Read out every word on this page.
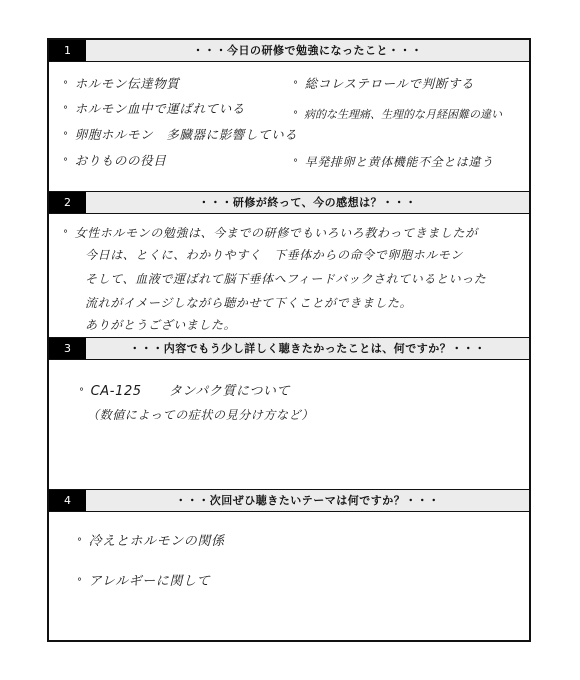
1	・・・今日の研修で勉強になったこと・・・
° ホルモン伝達物質
° ホルモン血中で運ばれている
° 卵胞ホルモン　多臓器に影響している
° おりものの役目
° 総コレステロールで判断する
° 病的な生理痛、生理的な月経困難の違い
° 早発排卵と黄体機能不全とは違う
2	・・・研修が終って、今の感想は？・・・
° 女性ホルモンの勉強は、今までの研修でもいろいろ教わってきましたが
今日は、とくに、わかりやすく　下垂体からの命令で卵胞ホルモン
そして、血液で運ばれて脳下垂体へフィードバックされているといった
流れがイメージしながら聴かせて下くことができました。
ありがとうございました。
3	・・・内容でもう少し詳しく聴きたかったことは、何ですか？・・・
° CA-125　　タンパク質について
（数値によっての症状の見分け方など）
4	・・・次回ぜひ聴きたいテーマは何ですか？・・・
° 冷えとホルモンの関係
° アレルギーに関して
